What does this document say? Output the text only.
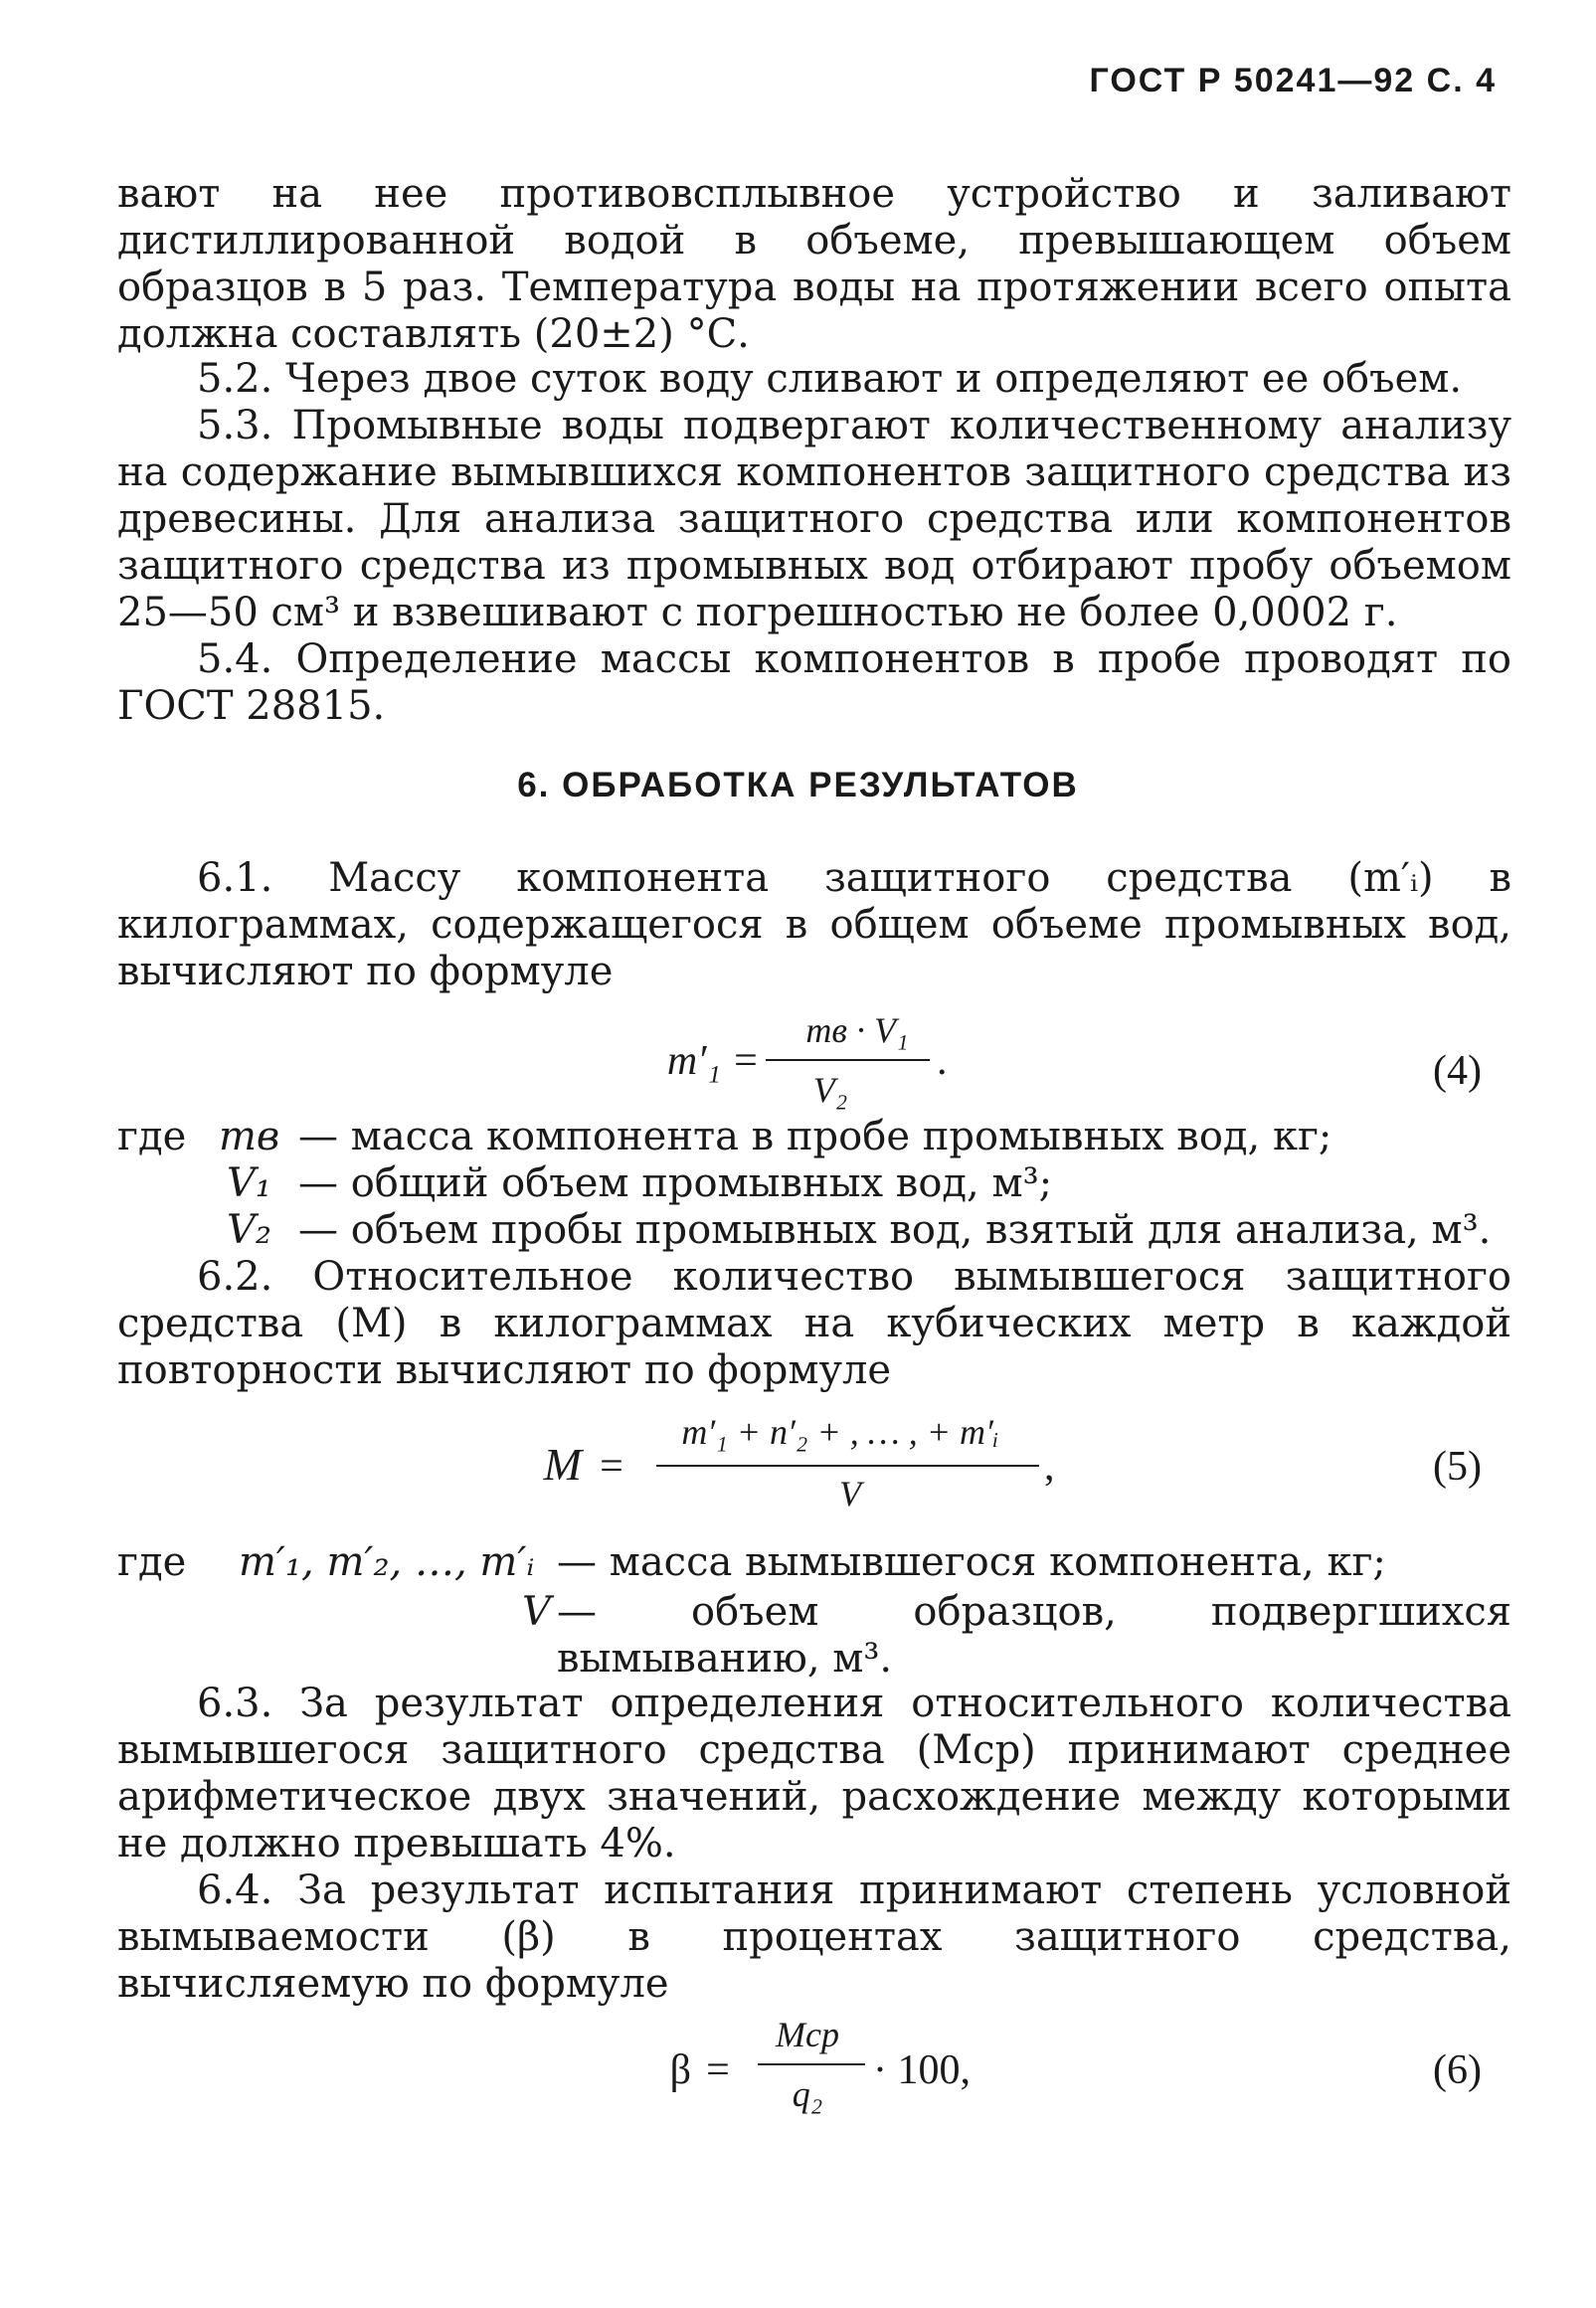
ГОСТ Р 50241—92 С. 4
вают на нее противовсплывное устройство и заливают дистиллированной водой в объеме, превышающем объем образцов в 5 раз. Температура воды на протяжении всего опыта должна составлять (20±2) °С.
5.2. Через двое суток воду сливают и определяют ее объем.
5.3. Промывные воды подвергают количественному анализу на содержание вымывшихся компонентов защитного средства из древесины. Для анализа защитного средства или компонентов защитного средства из промывных вод отбирают пробу объемом 25—50 см³ и взвешивают с погрешностью не более 0,0002 г.
5.4. Определение массы компонентов в пробе проводят по ГОСТ 28815.
6. ОБРАБОТКА РЕЗУЛЬТАТОВ
6.1. Массу компонента защитного средства (m′ᵢ) в килограммах, содержащегося в общем объеме промывных вод, вычисляют по формуле
m′₁ =
mв · V₁
V₂
.	(4)
где mв — масса компонента в пробе промывных вод, кг;
V₁ — общий объем промывных вод, м³;
V₂ — объем пробы промывных вод, взятый для анализа, м³.
6.2. Относительное количество вымывшегося защитного средства (M) в килограммах на кубических метр в каждой повторности вычисляют по формуле
M =
m′₁ + n′₂ + , … , + m′ᵢ
V
,	(5)
где m′₁, m′₂, …, m′ᵢ — масса вымывшегося компонента, кг;
V — объем образцов, подвергшихся вымыванию, м³.
6.3. За результат определения относительного количества вымывшегося защитного средства (Mср) принимают среднее арифметическое двух значений, расхождение между которыми не должно превышать 4%.
6.4. За результат испытания принимают степень условной вымываемости (β) в процентах защитного средства, вычисляемую по формуле
β =
Mср
q₂
· 100,	(6)
